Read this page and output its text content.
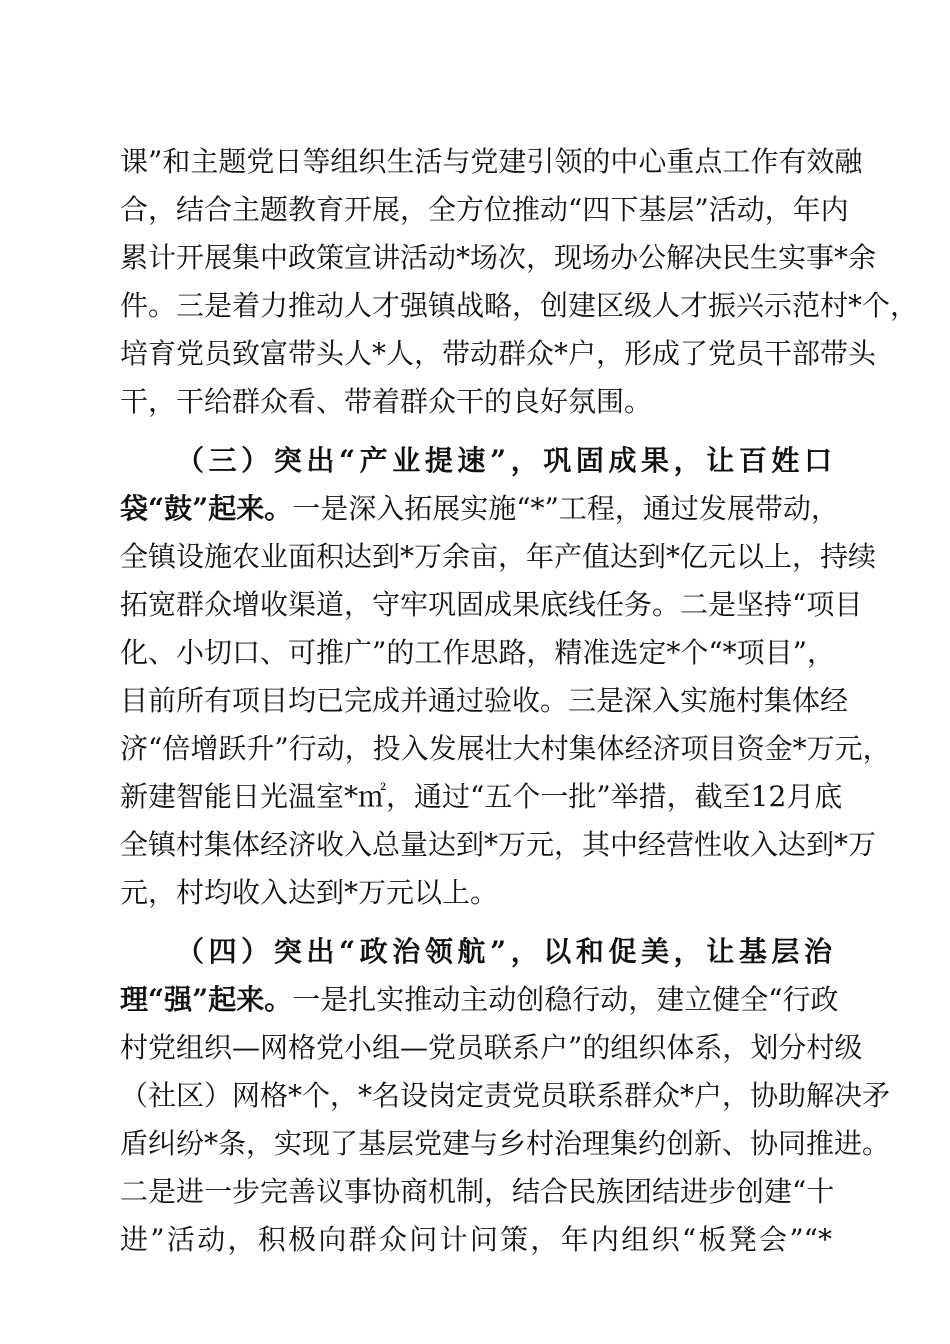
课”和主题党日等组织生活与党建引领的中心重点工作有效融
合，结合主题教育开展，全方位推动“四下基层”活动，年内
累计开展集中政策宣讲活动*场次，现场办公解决民生实事*余
件。三是着力推动人才强镇战略，创建区级人才振兴示范村*个，
培育党员致富带头人*人，带动群众*户，形成了党员干部带头
干，干给群众看、带着群众干的良好氛围。
（三）突出“产业提速”，巩固成果，让百姓口
袋“鼓”起来。一是深入拓展实施“*”工程，通过发展带动，
全镇设施农业面积达到*万余亩，年产值达到*亿元以上，持续
拓宽群众增收渠道，守牢巩固成果底线任务。二是坚持“项目
化、小切口、可推广”的工作思路，精准选定*个“*项目”，
目前所有项目均已完成并通过验收。三是深入实施村集体经
济“倍增跃升”行动，投入发展壮大村集体经济项目资金*万元，
新建智能日光温室*㎡，通过“五个一批”举措，截至12月底
全镇村集体经济收入总量达到*万元，其中经营性收入达到*万
元，村均收入达到*万元以上。
（四）突出“政治领航”，以和促美，让基层治
理“强”起来。一是扎实推动主动创稳行动，建立健全“行政
村党组织—网格党小组—党员联系户”的组织体系，划分村级
（社区）网格*个，*名设岗定责党员联系群众*户，协助解决矛
盾纠纷*条，实现了基层党建与乡村治理集约创新、协同推进。
二是进一步完善议事协商机制，结合民族团结进步创建“十
进”活动，积极向群众问计问策，年内组织“板凳会”“*
